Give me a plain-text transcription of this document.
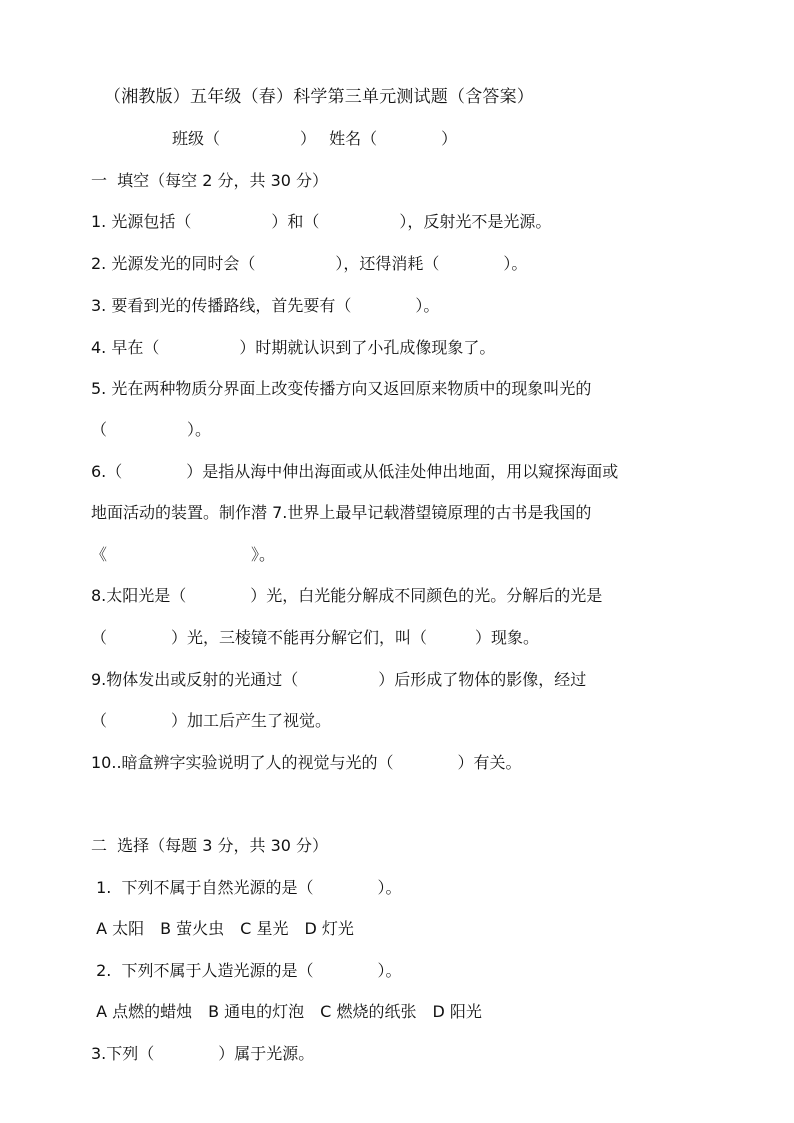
（湘教版）五年级（春）科学第三单元测试题（含答案）
班级（　　　　　）　 姓名（　　　　）
一  填空（每空 2 分，共 30 分）
1. 光源包括（　　　　　）和（　　　　　），反射光不是光源。
2. 光源发光的同时会（　　　　　），还得消耗（　　　　）。
3. 要看到光的传播路线，首先要有（　　　　）。
4. 早在（　　　　　）时期就认识到了小孔成像现象了。
5. 光在两种物质分界面上改变传播方向又返回原来物质中的现象叫光的
（　　　　　）。
6.（　　　　）是指从海中伸出海面或从低洼处伸出地面，用以窥探海面或
地面活动的装置。制作潜 7.世界上最早记载潜望镜原理的古书是我国的
《　　　　　　　　　》。
8.太阳光是（　　　　）光，白光能分解成不同颜色的光。分解后的光是
（　　　　）光，三棱镜不能再分解它们，叫（　　　）现象。
9.物体发出或反射的光通过（　　　　　）后形成了物体的影像，经过
（　　　　）加工后产生了视觉。
10..暗盒辨字实验说明了人的视觉与光的（　　　　）有关。
二  选择（每题 3 分，共 30 分）
1.  下列不属于自然光源的是（　　　　）。
A 太阳　B 萤火虫　C 星光　D 灯光
2.  下列不属于人造光源的是（　　　　）。
A 点燃的蜡烛　B 通电的灯泡　C 燃烧的纸张　D 阳光
3.下列（　　　　）属于光源。
